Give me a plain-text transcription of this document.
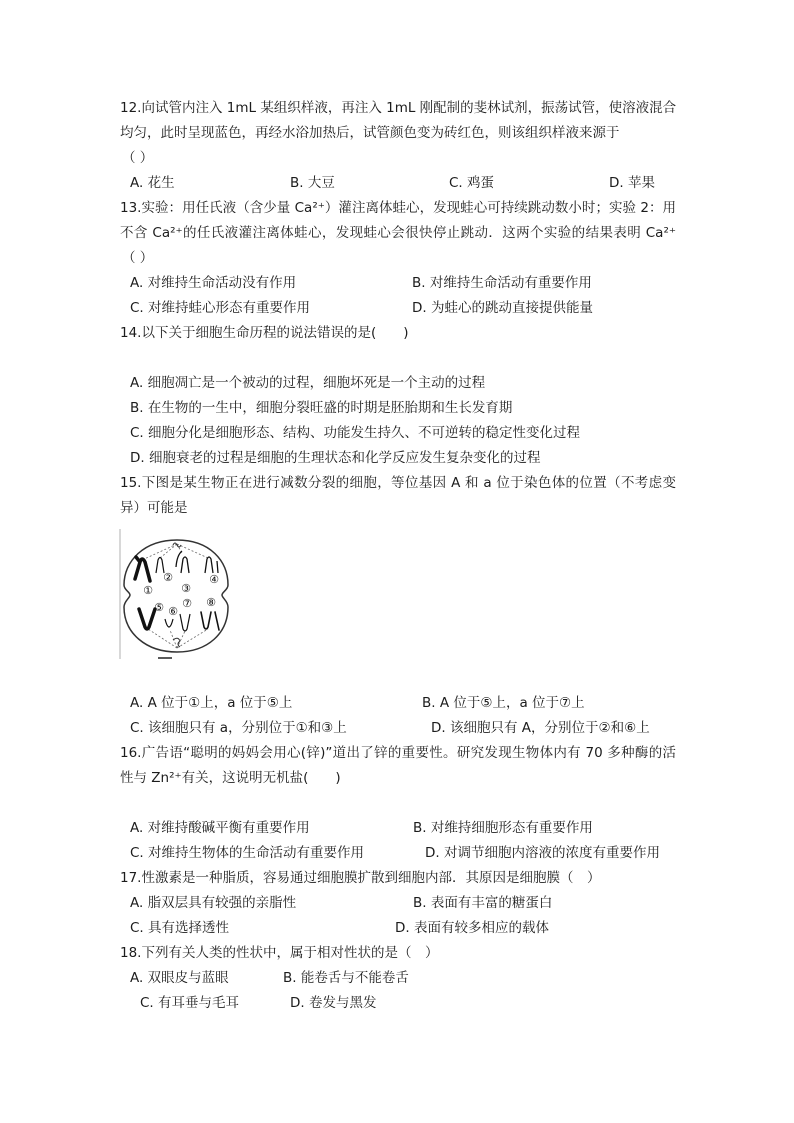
12.向试管内注入 1mL 某组织样液，再注入 1mL 刚配制的斐林试剂，振荡试管，使溶液混合
均匀，此时呈现蓝色，再经水浴加热后，试管颜色变为砖红色，则该组织样液来源于
（ ）
A. 花生	B. 大豆	C. 鸡蛋	D. 苹果
13.实验：用任氏液（含少量 Ca²⁺）灌注离体蛙心，发现蛙心可持续跳动数小时；实验 2：用
不含 Ca²⁺的任氏液灌注离体蛙心，发现蛙心会很快停止跳动．这两个实验的结果表明 Ca²⁺
（ ）
A. 对维持生命活动没有作用	B. 对维持生命活动有重要作用
C. 对维持蛙心形态有重要作用	D. 为蛙心的跳动直接提供能量
14.以下关于细胞生命历程的说法错误的是(　　)
A. 细胞凋亡是一个被动的过程，细胞坏死是一个主动的过程
B. 在生物的一生中，细胞分裂旺盛的时期是胚胎期和生长发育期
C. 细胞分化是细胞形态、结构、功能发生持久、不可逆转的稳定性变化过程
D. 细胞衰老的过程是细胞的生理状态和化学反应发生复杂变化的过程
15.下图是某生物正在进行减数分裂的细胞，等位基因 A 和 a 位于染色体的位置（不考虑变
异）可能是
①
②
③
④
⑤ ⑥
⑦ ⑧
A. A 位于①上，a 位于⑤上	B. A 位于⑤上，a 位于⑦上
C. 该细胞只有 a，分别位于①和③上	D. 该细胞只有 A，分别位于②和⑥上
16.广告语“聪明的妈妈会用心(锌)”道出了锌的重要性。研究发现生物体内有 70 多种酶的活
性与 Zn²⁺有关，这说明无机盐(　　)
A. 对维持酸碱平衡有重要作用	B. 对维持细胞形态有重要作用
C. 对维持生物体的生命活动有重要作用	D. 对调节细胞内溶液的浓度有重要作用
17.性激素是一种脂质，容易通过细胞膜扩散到细胞内部．其原因是细胞膜（　）
A. 脂双层具有较强的亲脂性	B. 表面有丰富的糖蛋白
C. 具有选择透性	D. 表面有较多相应的载体
18.下列有关人类的性状中，属于相对性状的是（　）
A. 双眼皮与蓝眼	B. 能卷舌与不能卷舌
C. 有耳垂与毛耳	D. 卷发与黑发
